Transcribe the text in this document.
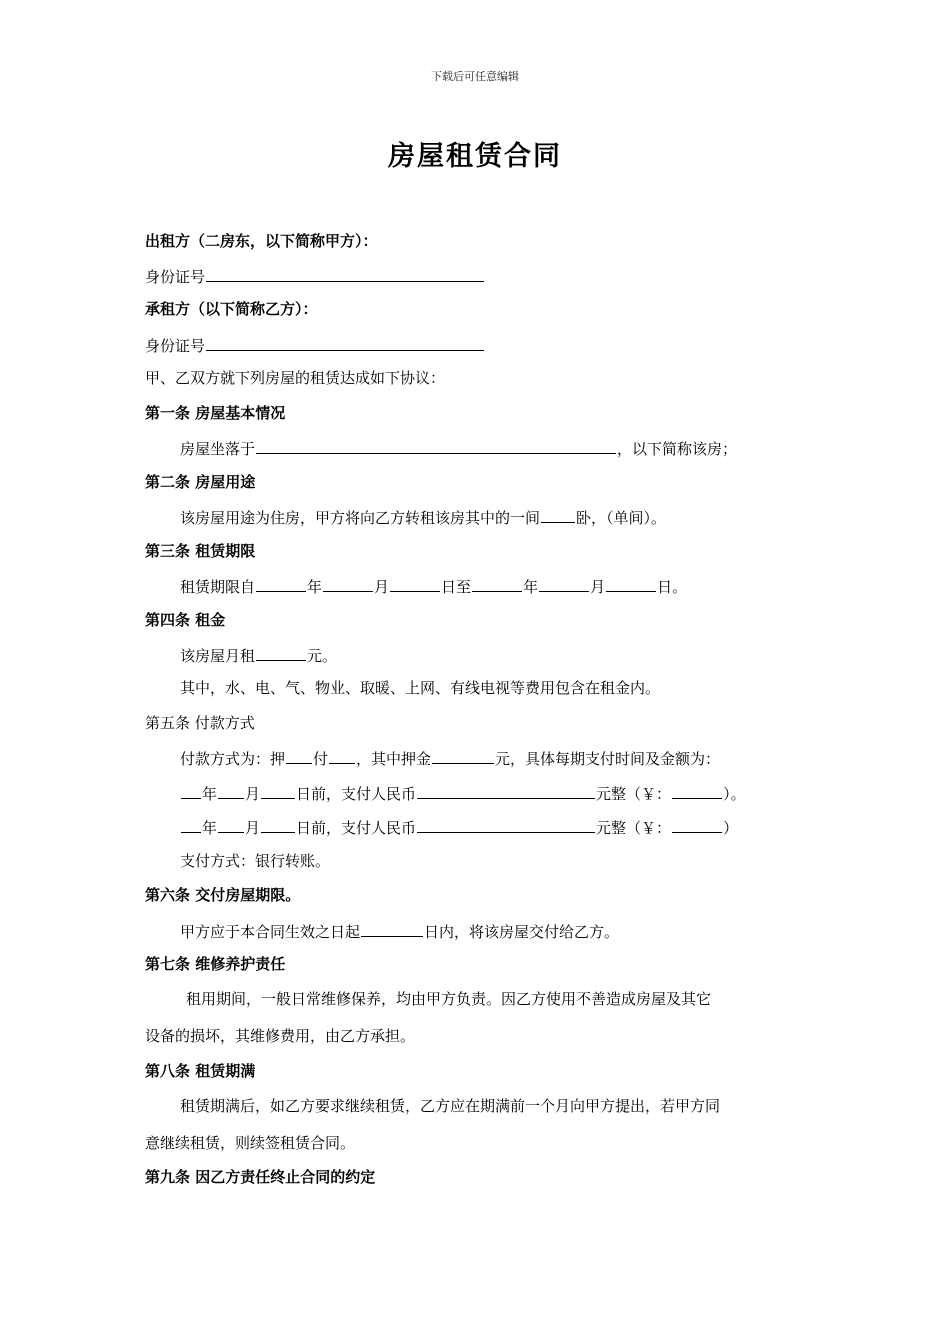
下载后可任意编辑
房屋租赁合同
出租方（二房东，以下简称甲方）：
身份证号
承租方（以下简称乙方）：
身份证号
甲、乙双方就下列房屋的租赁达成如下协议：
第一条 房屋基本情况
房屋坐落于	，以下简称该房；
第二条 房屋用途
该房屋用途为住房，甲方将向乙方转租该房其中的一间 卧，（单间）。
第三条 租赁期限
租赁期限自	年	月	日至	年	月	日。
第四条 租金
该房屋月租	元。
其中，水、电、气、物业、取暖、上网、有线电视等费用包含在租金内。
第五条 付款方式
付款方式为：押 付 ，其中押金	元，具体每期支付时间及金额为：
年 月 日前，支付人民币	元整（￥：	）。
年 月 日前，支付人民币	元整（￥：	）
支付方式：银行转账。
第六条 交付房屋期限。
甲方应于本合同生效之日起	日内，将该房屋交付给乙方。
第七条 维修养护责任
租用期间，一般日常维修保养，均由甲方负责。因乙方使用不善造成房屋及其它
设备的损坏，其维修费用，由乙方承担。
第八条 租赁期满
租赁期满后，如乙方要求继续租赁，乙方应在期满前一个月向甲方提出，若甲方同
意继续租赁，则续签租赁合同。
第九条 因乙方责任终止合同的约定
